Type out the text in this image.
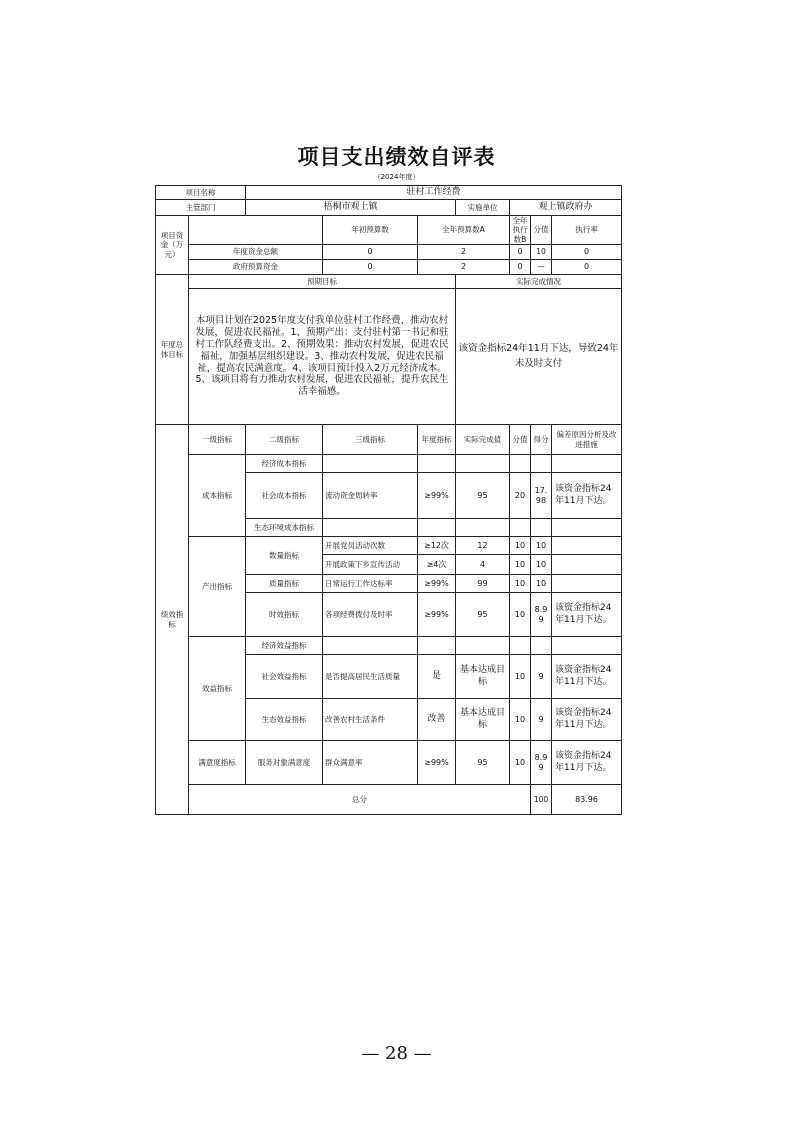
项目支出绩效自评表
（2024年度）
项目名称		驻村工作经费							
主管部门		梧桐市观上镇			实施单位	观上镇政府办			
项目资金（万元）			年初预算数	全年预算数A		全年执行数B	分值	执行率	
	年度资金总额		0	2		0	10	0	
	政府预算资金		0	2		0	—	0	
年度总体目标	预期目标				实际完成情况				
	本项目计划在2025年度支付我单位驻村工作经费，推动农村发展，促进农民福祉。1、预期产出：支付驻村第一书记和驻村工作队经费支出。2、预期效果：推动农村发展，促进农民福祉，加强基层组织建设。3、推动农村发展，促进农民福祉，提高农民满意度。4、该项目预计投入2万元经济成本。5、该项目将有力推动农村发展，促进农民福祉，提升农民生活幸福感。				该资金指标24年11月下达，导致24年未及时支付				
绩效指标	一级指标	二级指标	三级指标	年度指标	实际完成值	分值	得分	偏差原因分析及改进措施	
	成本指标	经济成本指标							
		社会成本指标	流动资金周转率	≥99%	95	20	17.98	该资金指标24年11月下达。	
		生态环境成本指标							
	产出指标	数量指标	开展党员活动次数	≥12次	12	10	10		
			开展政策下乡宣传活动	≥4次	4	10	10		
		质量指标	日常运行工作达标率	≥99%	99	10	10		
		时效指标	各项经费拨付及时率	≥99%	95	10	8.99	该资金指标24年11月下达。	
	效益指标	经济效益指标							
		社会效益指标	是否提高居民生活质量	是	基本达成目标	10	9	该资金指标24年11月下达。	
		生态效益指标	改善农村生活条件	改善	基本达成目标	10	9	该资金指标24年11月下达。	
	满意度指标	服务对象满意度	群众满意率	≥99%	95	10	8.99	该资金指标24年11月下达。	
	总分						100	83.96	
— 28 —
